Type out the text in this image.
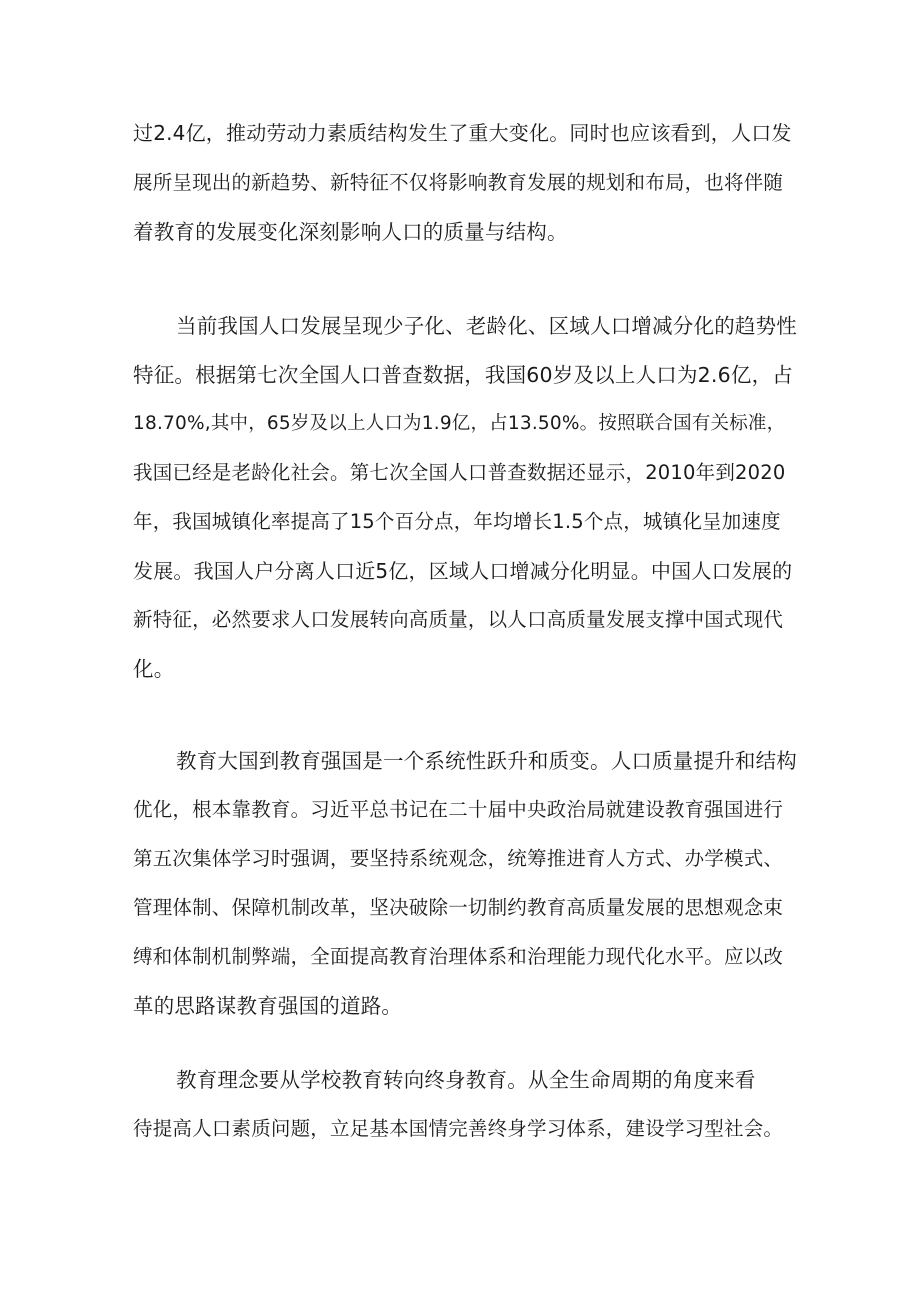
过2.4亿，推动劳动力素质结构发生了重大变化。同时也应该看到，人口发
展所呈现出的新趋势、新特征不仅将影响教育发展的规划和布局，也将伴随
着教育的发展变化深刻影响人口的质量与结构。
当前我国人口发展呈现少子化、老龄化、区域人口增减分化的趋势性
特征。根据第七次全国人口普查数据，我国60岁及以上人口为2.6亿，占
18.70%,其中，65岁及以上人口为1.9亿，占13.50%。按照联合国有关标准，
我国已经是老龄化社会。第七次全国人口普查数据还显示，2010年到2020
年，我国城镇化率提高了15个百分点，年均增长1.5个点，城镇化呈加速度
发展。我国人户分离人口近5亿，区域人口增减分化明显。中国人口发展的
新特征，必然要求人口发展转向高质量，以人口高质量发展支撑中国式现代
化。
教育大国到教育强国是一个系统性跃升和质变。人口质量提升和结构
优化，根本靠教育。习近平总书记在二十届中央政治局就建设教育强国进行
第五次集体学习时强调，要坚持系统观念，统筹推进育人方式、办学模式、
管理体制、保障机制改革，坚决破除一切制约教育高质量发展的思想观念束
缚和体制机制弊端，全面提高教育治理体系和治理能力现代化水平。应以改
革的思路谋教育强国的道路。
教育理念要从学校教育转向终身教育。从全生命周期的角度来看
待提高人口素质问题，立足基本国情完善终身学习体系，建设学习型社会。
